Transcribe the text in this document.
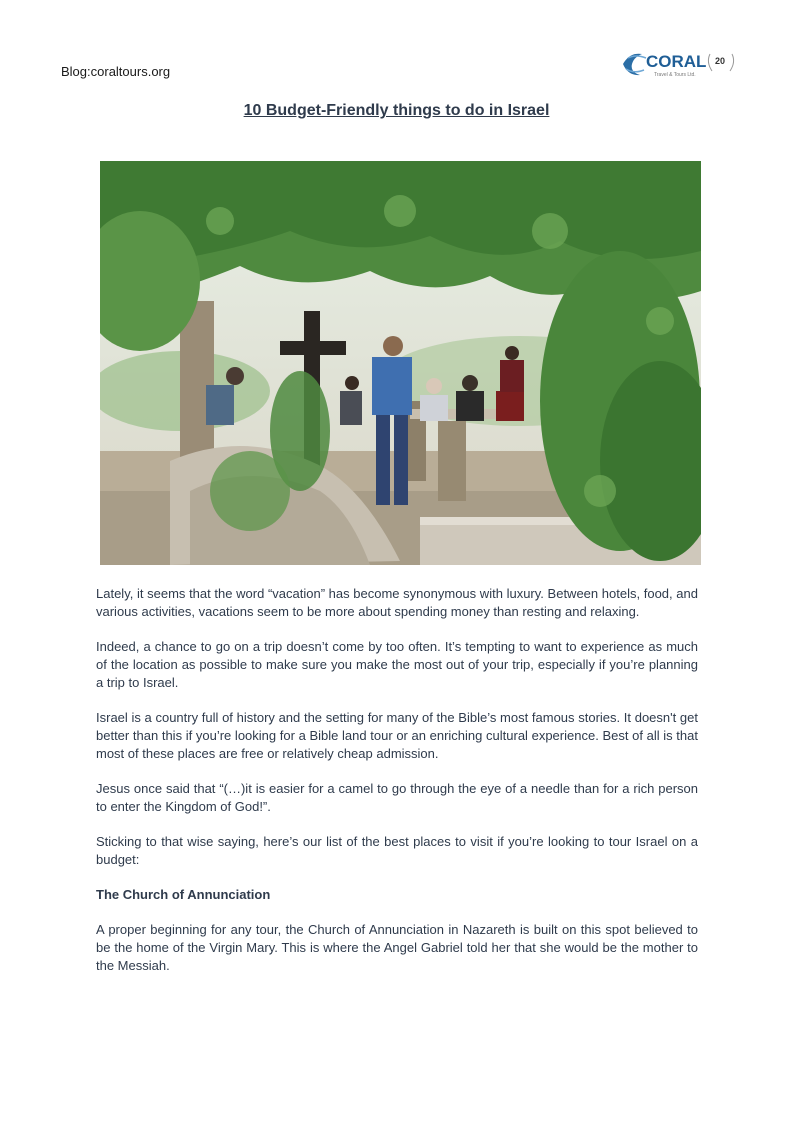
Blog:coraltours.org
CORAL
Travel & Tours Ltd.
20
10 Budget-Friendly things to do in Israel

Lately, it seems that the word “vacation” has become synonymous with luxury. Between hotels, food, and various activities, vacations seem to be more about spending money than resting and relaxing.

Indeed, a chance to go on a trip doesn’t come by too often. It’s tempting to want to experience as much of the location as possible to make sure you make the most out of your trip, especially if you’re planning a trip to Israel.

Israel is a country full of history and the setting for many of the Bible’s most famous stories. It doesn't get better than this if you’re looking for a Bible land tour or an enriching cultural experience. Best of all is that most of these places are free or relatively cheap admission.

Jesus once said that “(…)it is easier for a camel to go through the eye of a needle than for a rich person to enter the Kingdom of God!”.

Sticking to that wise saying, here’s our list of the best places to visit if you’re looking to tour Israel on a budget:

The Church of Annunciation

A proper beginning for any tour, the Church of Annunciation in Nazareth is built on this spot believed to be the home of the Virgin Mary. This is where the Angel Gabriel told her that she would be the mother to the Messiah.
